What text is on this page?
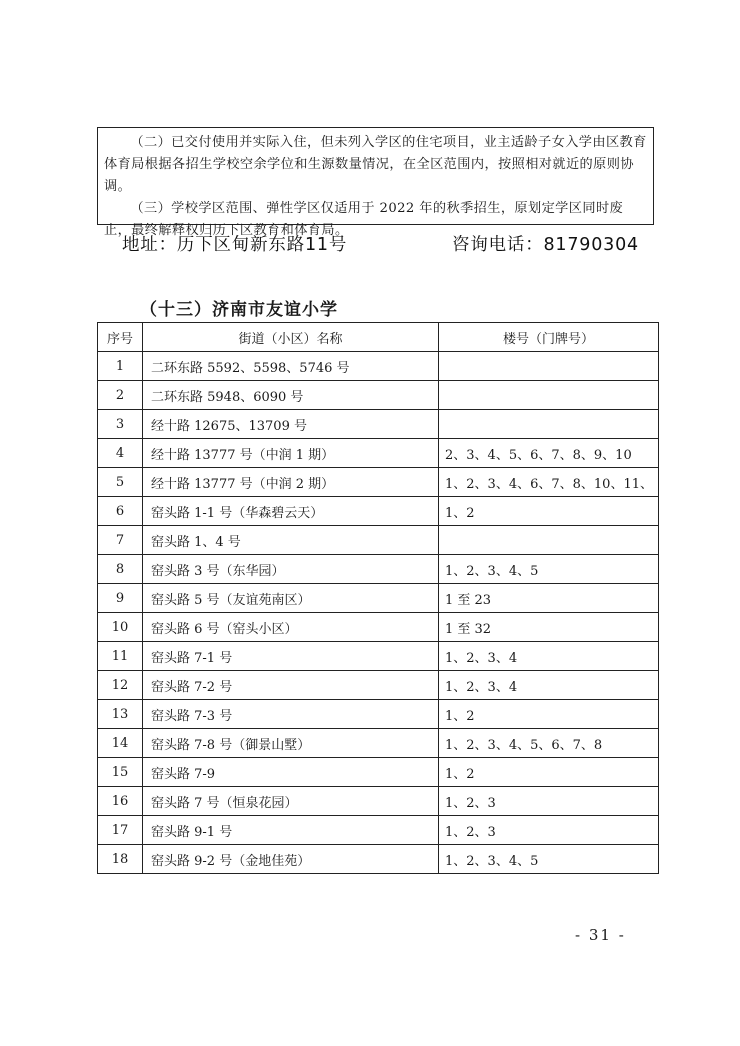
（二）已交付使用并实际入住，但未列入学区的住宅项目，业主适龄子女入学由区教育体育局根据各招生学校空余学位和生源数量情况，在全区范围内，按照相对就近的原则协调。

（三）学校学区范围、弹性学区仅适用于 2022 年的秋季招生，原划定学区同时废止，最终解释权归历下区教育和体育局。

地址：历下区甸新东路11号	咨询电话：81790304
（十三）济南市友谊小学
序号	街道（小区）名称	楼号（门牌号）
1	二环东路 5592、5598、5746 号	
2	二环东路 5948、6090 号	
3	经十路 12675、13709 号	
4	经十路 13777 号（中润 1 期）	2、3、4、5、6、7、8、9、10
5	经十路 13777 号（中润 2 期）	1、2、3、4、6、7、8、10、11、
6	窑头路 1-1 号（华森碧云天）	1、2
7	窑头路 1、4 号	
8	窑头路 3 号（东华园）	1、2、3、4、5
9	窑头路 5 号（友谊苑南区）	1 至 23
10	窑头路 6 号（窑头小区）	1 至 32
11	窑头路 7-1 号	1、2、3、4
12	窑头路 7-2 号	1、2、3、4
13	窑头路 7-3 号	1、2
14	窑头路 7-8 号（御景山墅）	1、2、3、4、5、6、7、8
15	窑头路 7-9	1、2
16	窑头路 7 号（恒泉花园）	1、2、3
17	窑头路 9-1 号	1、2、3
18	窑头路 9-2 号（金地佳苑）	1、2、3、4、5
- 31 -
